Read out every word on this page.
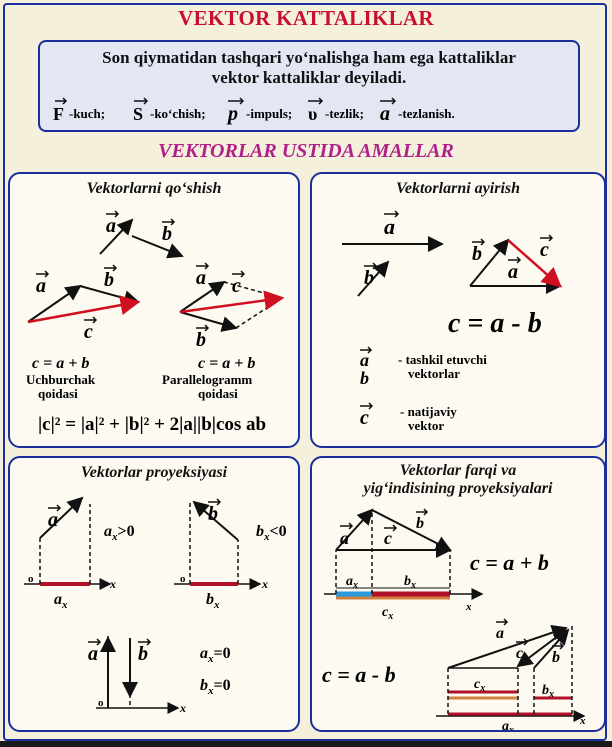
VEKTOR KATTALIKLAR
Son qiymatidan tashqari yo‘nalishga ham ega kattaliklar
vektor kattaliklar deyiladi.
F -kuch; S -ko‘chish; p -impuls; υ -tezlik; a -tezlanish.
VEKTORLAR USTIDA AMALLAR
Vektorlarni qo‘shish
a b
a	b
c
a c
b
c = a + b	c = a + b
Uchburchak
qoidasi
Parallelogramm
qoidasi
|c|² = |a|² + |b|² + 2|a||b|cos ab
Vektorlarni ayirish
a
b
b	c
a
c = a - b
a
b
- tashkil etuvchi
vektorlar
c - natijaviy
vektor
Vektorlar proyeksiyasi
o	x
a
$a_x$
$a_x>0$
o	x
b
$b_x$
$b_x<0$
o	x
a b	$a_x=0$
$b_x=0$
Vektorlar farqi va
yig‘indisining proyeksiyalari
a
b
c
$a_x$	$b_x$
$c_x$
x
c = a + b
a
c b
$c_x$	$b_x$
$a_x$
x
c = a - b
